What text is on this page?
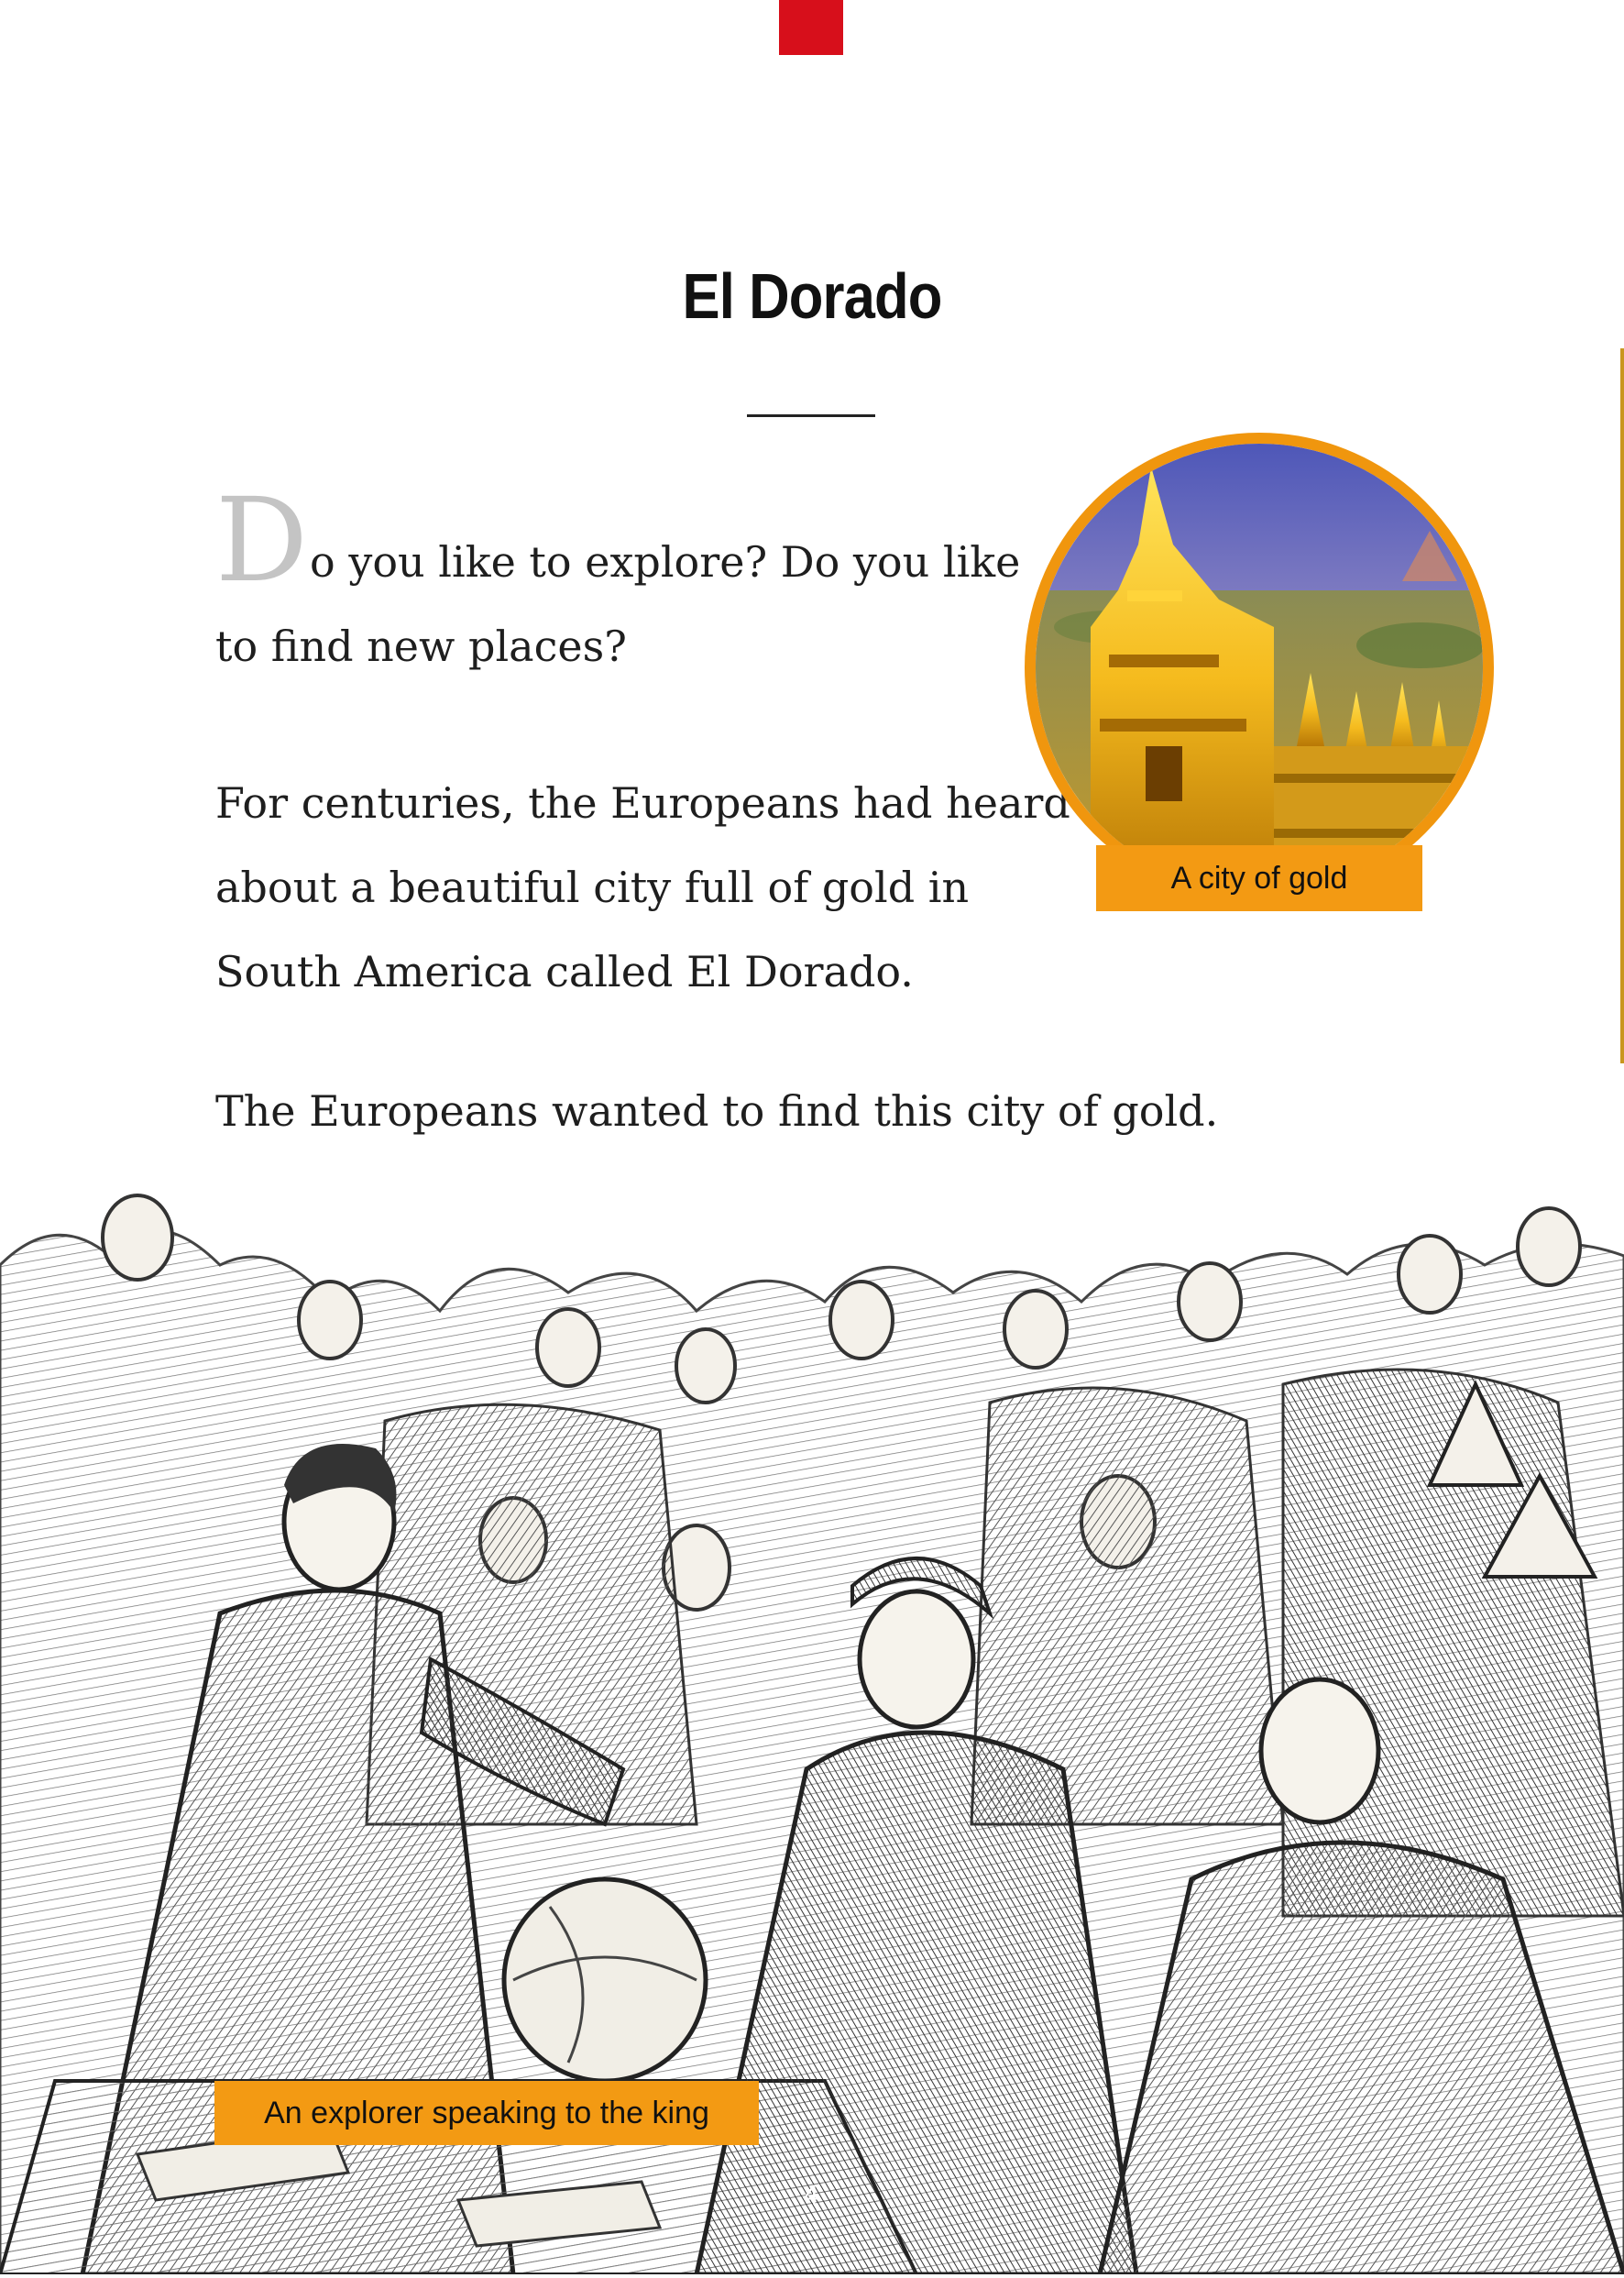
El Dorado

Do you like to explore? Do you like to find new places?

For centuries, the Europeans had heard about a beautiful city full of gold in South America called El Dorado.

The Europeans wanted to find this city of gold.

A city of gold
An explorer speaking to the king
4
